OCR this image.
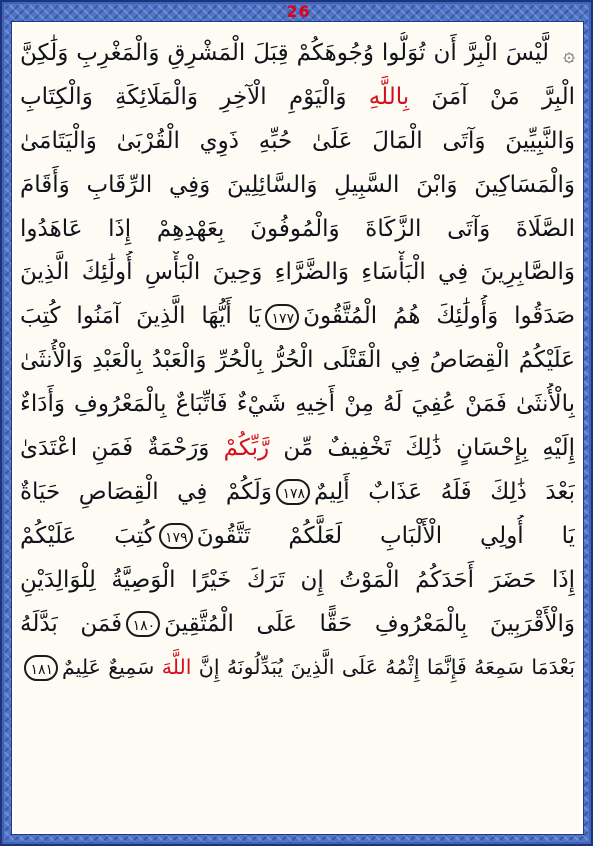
26
۞لَّيْسَ الْبِرَّ أَن تُوَلُّوا وُجُوهَكُمْ قِبَلَ الْمَشْرِقِ وَالْمَغْرِبِ وَلَٰكِنَّ
الْبِرَّ مَنْ آمَنَ بِاللَّهِ وَالْيَوْمِ الْآخِرِ وَالْمَلَائِكَةِ وَالْكِتَابِ
وَالنَّبِيِّينَ وَآتَى الْمَالَ عَلَىٰ حُبِّهِ ذَوِي الْقُرْبَىٰ وَالْيَتَامَىٰ
وَالْمَسَاكِينَ وَابْنَ السَّبِيلِ وَالسَّائِلِينَ وَفِي الرِّقَابِ وَأَقَامَ
الصَّلَاةَ وَآتَى الزَّكَاةَ وَالْمُوفُونَ بِعَهْدِهِمْ إِذَا عَاهَدُوا
وَالصَّابِرِينَ فِي الْبَأْسَاءِ وَالضَّرَّاءِ وَحِينَ الْبَأْسِ أُولَٰئِكَ الَّذِينَ
صَدَقُوا وَأُولَٰئِكَ هُمُ الْمُتَّقُونَ١٧٧يَا أَيُّهَا الَّذِينَ آمَنُوا كُتِبَ
عَلَيْكُمُ الْقِصَاصُ فِي الْقَتْلَى الْحُرُّ بِالْحُرِّ وَالْعَبْدُ بِالْعَبْدِ وَالْأُنثَىٰ
بِالْأُنثَىٰ فَمَنْ عُفِيَ لَهُ مِنْ أَخِيهِ شَيْءٌ فَاتِّبَاعٌ بِالْمَعْرُوفِ وَأَدَاءٌ
إِلَيْهِ بِإِحْسَانٍ ذَٰلِكَ تَخْفِيفٌ مِّن رَّبِّكُمْ وَرَحْمَةٌ فَمَنِ اعْتَدَىٰ
بَعْدَ ذَٰلِكَ فَلَهُ عَذَابٌ أَلِيمٌ١٧٨وَلَكُمْ فِي الْقِصَاصِ حَيَاةٌ
يَا أُولِي الْأَلْبَابِ لَعَلَّكُمْ تَتَّقُونَ١٧٩كُتِبَ عَلَيْكُمْ
إِذَا حَضَرَ أَحَدَكُمُ الْمَوْتُ إِن تَرَكَ خَيْرًا الْوَصِيَّةُ لِلْوَالِدَيْنِ
وَالْأَقْرَبِينَ بِالْمَعْرُوفِ حَقًّا عَلَى الْمُتَّقِينَ١٨٠فَمَن بَدَّلَهُ
بَعْدَمَا سَمِعَهُ فَإِنَّمَا إِثْمُهُ عَلَى الَّذِينَ يُبَدِّلُونَهُ إِنَّ اللَّهَ سَمِيعٌ عَلِيمٌ١٨١
